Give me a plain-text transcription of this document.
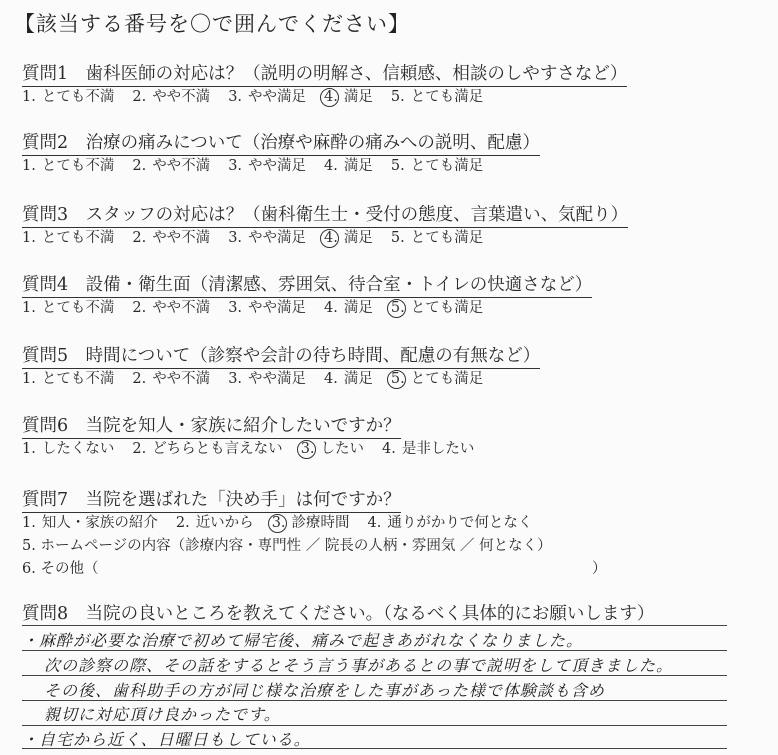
【該当する番号を〇で囲んでください】
質問1　歯科医師の対応は？（説明の明解さ、信頼感、相談のしやすさなど）
1. とても不満 2. やや不満 3. やや満足 4. 満足 5. とても満足
質問2　治療の痛みについて（治療や麻酔の痛みへの説明、配慮）
1. とても不満 2. やや不満 3. やや満足 4. 満足 5. とても満足
質問3　スタッフの対応は？（歯科衛生士・受付の態度、言葉遣い、気配り）
1. とても不満 2. やや不満 3. やや満足 4. 満足 5. とても満足
質問4　設備・衛生面（清潔感、雰囲気、待合室・トイレの快適さなど）
1. とても不満 2. やや不満 3. やや満足 4. 満足 5. とても満足
質問5　時間について（診察や会計の待ち時間、配慮の有無など）
1. とても不満 2. やや不満 3. やや満足 4. 満足 5. とても満足
質問6　当院を知人・家族に紹介したいですか？
1. したくない 2. どちらとも言えない 3. したい 4. 是非したい
質問7　当院を選ばれた「決め手」は何ですか？
1. 知人・家族の紹介 2. 近いから 3. 診療時間 4. 通りがかりで何となく
5. ホームページの内容（診療内容・専門性 ／ 院長の人柄・雰囲気 ／ 何となく）
6. その他（	）
質問8　当院の良いところを教えてください。（なるべく具体的にお願いします）
・麻酔が必要な治療で初めて帰宅後、痛みで起きあがれなくなりました。
次の診察の際、その話をするとそう言う事があるとの事で説明をして頂きました。
その後、歯科助手の方が同じ様な治療をした事があった様で体験談も含め
親切に対応頂け良かったです。
・自宅から近く、日曜日もしている。
